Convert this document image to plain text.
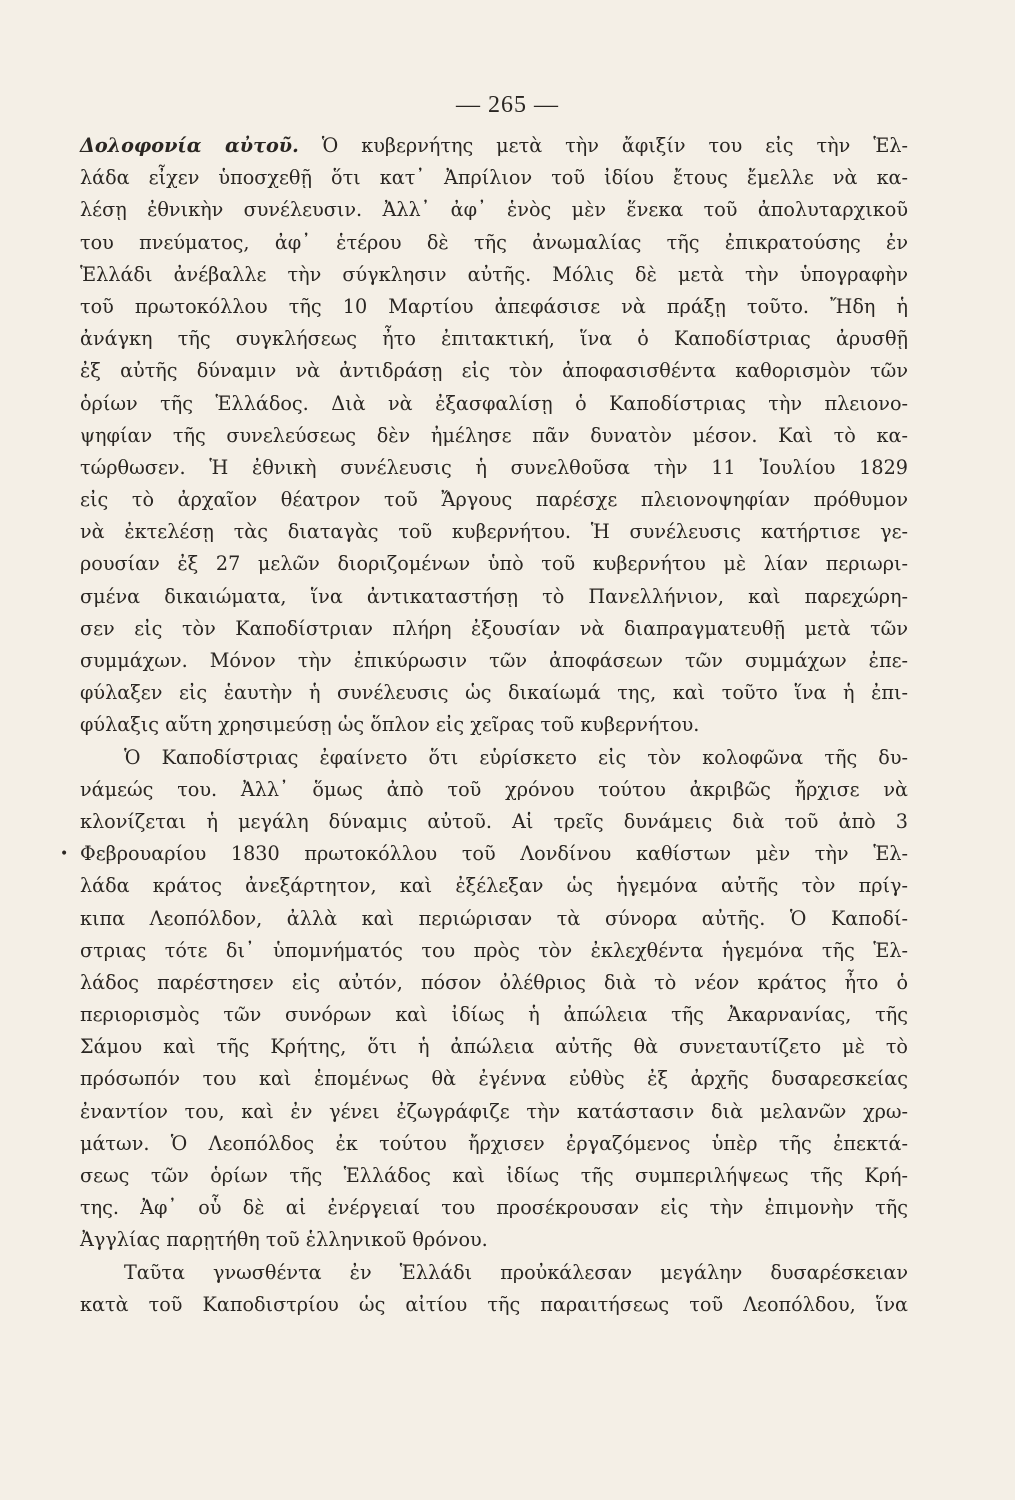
— 265 —
Δολοφονία αὐτοῦ. Ὁ κυβερνήτης μετὰ τὴν ἄφιξίν του εἰς τὴν Ἑλ-
λάδα εἶχεν ὑποσχεθῇ ὅτι κατ᾽ Ἀπρίλιον τοῦ ἰδίου ἔτους ἔμελλε νὰ κα-
λέσῃ ἐθνικὴν συνέλευσιν. Ἀλλ᾽ ἀφ᾽ ἑνὸς μὲν ἕνεκα τοῦ ἀπολυταρχικοῦ
του πνεύματος, ἀφ᾽ ἑτέρου δὲ τῆς ἀνωμαλίας τῆς ἐπικρατούσης ἐν
Ἑλλάδι ἀνέβαλλε τὴν σύγκλησιν αὐτῆς. Μόλις δὲ μετὰ τὴν ὑπογραφὴν
τοῦ πρωτοκόλλου τῆς 10 Μαρτίου ἀπεφάσισε νὰ πράξῃ τοῦτο. Ἤδη ἡ
ἀνάγκη τῆς συγκλήσεως ἦτο ἐπιτακτική, ἵνα ὁ Καποδίστριας ἀρυσθῇ
ἐξ αὐτῆς δύναμιν νὰ ἀντιδράσῃ εἰς τὸν ἀποφασισθέντα καθορισμὸν τῶν
ὁρίων τῆς Ἑλλάδος. Διὰ νὰ ἐξασφαλίσῃ ὁ Καποδίστριας τὴν πλειονο-
ψηφίαν τῆς συνελεύσεως δὲν ἠμέλησε πᾶν δυνατὸν μέσον. Καὶ τὸ κα-
τώρθωσεν. Ἡ ἐθνικὴ συνέλευσις ἡ συνελθοῦσα τὴν 11 Ἰουλίου 1829
εἰς τὸ ἀρχαῖον θέατρον τοῦ Ἄργους παρέσχε πλειονοψηφίαν πρόθυμον
νὰ ἐκτελέσῃ τὰς διαταγὰς τοῦ κυβερνήτου. Ἡ συνέλευσις κατήρτισε γε-
ρουσίαν ἐξ 27 μελῶν διοριζομένων ὑπὸ τοῦ κυβερνήτου μὲ λίαν περιωρι-
σμένα δικαιώματα, ἵνα ἀντικαταστήσῃ τὸ Πανελλήνιον, καὶ παρεχώρη-
σεν εἰς τὸν Καποδίστριαν πλήρη ἐξουσίαν νὰ διαπραγματευθῇ μετὰ τῶν
συμμάχων. Μόνον τὴν ἐπικύρωσιν τῶν ἀποφάσεων τῶν συμμάχων ἐπε-
φύλαξεν εἰς ἑαυτὴν ἡ συνέλευσις ὡς δικαίωμά της, καὶ τοῦτο ἵνα ἡ ἐπι-
φύλαξις αὕτη χρησιμεύσῃ ὡς ὅπλον εἰς χεῖρας τοῦ κυβερνήτου.
Ὁ Καποδίστριας ἐφαίνετο ὅτι εὑρίσκετο εἰς τὸν κολοφῶνα τῆς δυ-
νάμεώς του. Ἀλλ᾽ ὅμως ἀπὸ τοῦ χρόνου τούτου ἀκριβῶς ἤρχισε νὰ
κλονίζεται ἡ μεγάλη δύναμις αὐτοῦ. Αἱ τρεῖς δυνάμεις διὰ τοῦ ἀπὸ 3
• Φεβρουαρίου 1830 πρωτοκόλλου τοῦ Λονδίνου καθίστων μὲν τὴν Ἑλ-
λάδα κράτος ἀνεξάρτητον, καὶ ἐξέλεξαν ὡς ἡγεμόνα αὐτῆς τὸν πρίγ-
κιπα Λεοπόλδον, ἀλλὰ καὶ περιώρισαν τὰ σύνορα αὐτῆς. Ὁ Καποδί-
στριας τότε δι᾽ ὑπομνήματός του πρὸς τὸν ἐκλεχθέντα ἡγεμόνα τῆς Ἑλ-
λάδος παρέστησεν εἰς αὐτόν, πόσον ὀλέθριος διὰ τὸ νέον κράτος ἦτο ὁ
περιορισμὸς τῶν συνόρων καὶ ἰδίως ἡ ἀπώλεια τῆς Ἀκαρνανίας, τῆς
Σάμου καὶ τῆς Κρήτης, ὅτι ἡ ἀπώλεια αὐτῆς θὰ συνεταυτίζετο μὲ τὸ
πρόσωπόν του καὶ ἑπομένως θὰ ἐγέννα εὐθὺς ἐξ ἀρχῆς δυσαρεσκείας
ἐναντίον του, καὶ ἐν γένει ἐζωγράφιζε τὴν κατάστασιν διὰ μελανῶν χρω-
μάτων. Ὁ Λεοπόλδος ἐκ τούτου ἤρχισεν ἐργαζόμενος ὑπὲρ τῆς ἐπεκτά-
σεως τῶν ὁρίων τῆς Ἑλλάδος καὶ ἰδίως τῆς συμπεριλήψεως τῆς Κρή-
της. Ἀφ᾽ οὗ δὲ αἱ ἐνέργειαί του προσέκρουσαν εἰς τὴν ἐπιμονὴν τῆς
Ἀγγλίας παρῃτήθη τοῦ ἑλληνικοῦ θρόνου.
Ταῦτα γνωσθέντα ἐν Ἑλλάδι προὐκάλεσαν μεγάλην δυσαρέσκειαν
κατὰ τοῦ Καποδιστρίου ὡς αἰτίου τῆς παραιτήσεως τοῦ Λεοπόλδου, ἵνα
